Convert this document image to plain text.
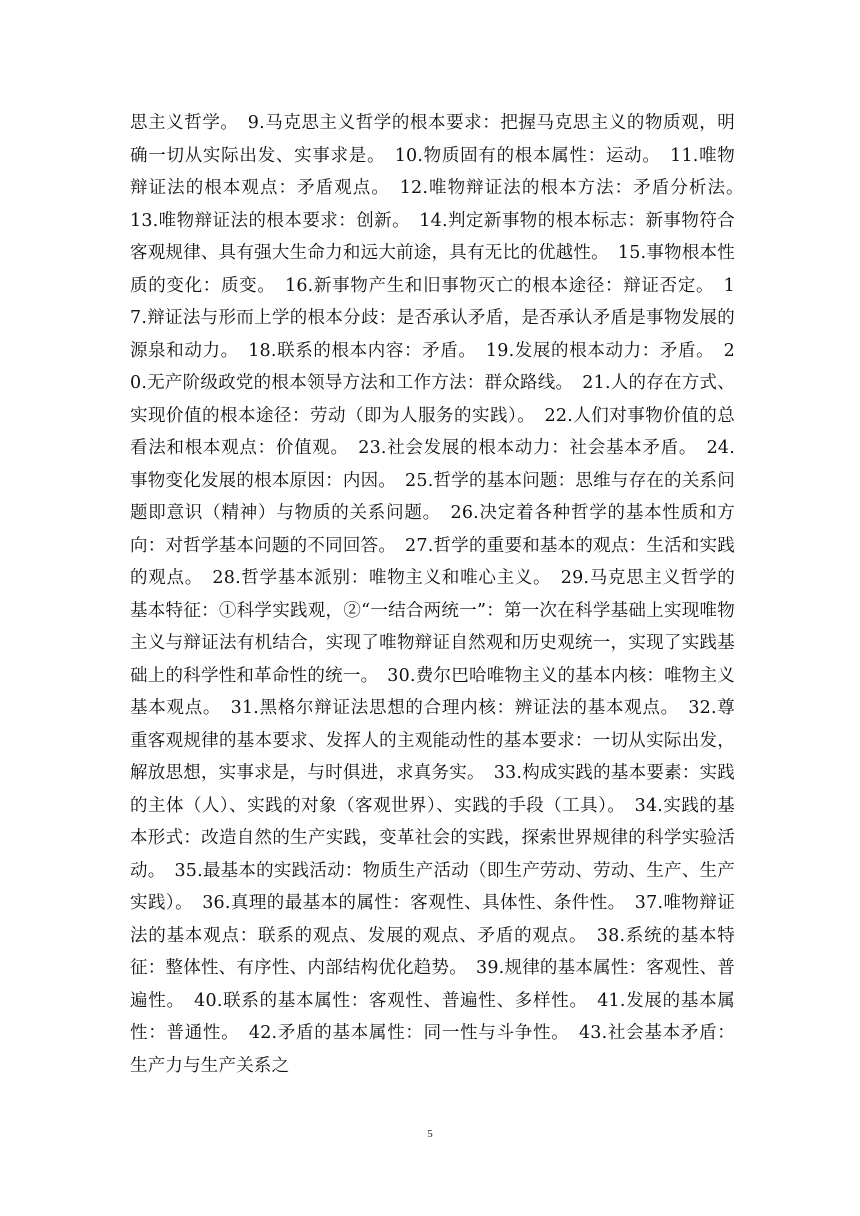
思主义哲学。　9.马克思主义哲学的根本要求：把握马克思主义的物质观，明确一切从实际出发、实事求是。　10.物质固有的根本属性：运动。　11.唯物辩证法的根本观点：矛盾观点。　12.唯物辩证法的根本方法：矛盾分析法。　13.唯物辩证法的根本要求：创新。　14.判定新事物的根本标志：新事物符合客观规律、具有强大生命力和远大前途，具有无比的优越性。　15.事物根本性质的变化：质变。　16.新事物产生和旧事物灭亡的根本途径：辩证否定。　17.辩证法与形而上学的根本分歧：是否承认矛盾，是否承认矛盾是事物发展的源泉和动力。　18.联系的根本内容：矛盾。　19.发展的根本动力：矛盾。　20.无产阶级政党的根本领导方法和工作方法：群众路线。　21.人的存在方式、实现价值的根本途径：劳动（即为人服务的实践）。　22.人们对事物价值的总看法和根本观点：价值观。　23.社会发展的根本动力：社会基本矛盾。　24.事物变化发展的根本原因：内因。　25.哲学的基本问题：思维与存在的关系问题即意识（精神）与物质的关系问题。　26.决定着各种哲学的基本性质和方向：对哲学基本问题的不同回答。　27.哲学的重要和基本的观点：生活和实践的观点。　28.哲学基本派别：唯物主义和唯心主义。　29.马克思主义哲学的基本特征：①科学实践观，②“一结合两统一”：第一次在科学基础上实现唯物主义与辩证法有机结合，实现了唯物辩证自然观和历史观统一，实现了实践基础上的科学性和革命性的统一。　30.费尔巴哈唯物主义的基本内核：唯物主义基本观点。　31.黑格尔辩证法思想的合理内核：辨证法的基本观点。　32.尊重客观规律的基本要求、发挥人的主观能动性的基本要求：一切从实际出发，解放思想，实事求是，与时俱进，求真务实。　33.构成实践的基本要素：实践的主体（人）、实践的对象（客观世界）、实践的手段（工具）。　34.实践的基本形式：改造自然的生产实践，变革社会的实践，探索世界规律的科学实验活动。　35.最基本的实践活动：物质生产活动（即生产劳动、劳动、生产、生产实践）。　36.真理的最基本的属性：客观性、具体性、条件性。　37.唯物辩证法的基本观点：联系的观点、发展的观点、矛盾的观点。　38.系统的基本特征：整体性、有序性、内部结构优化趋势。　39.规律的基本属性：客观性、普遍性。　40.联系的基本属性：客观性、普遍性、多样性。　41.发展的基本属性：普通性。　42.矛盾的基本属性：同一性与斗争性。　43.社会基本矛盾：生产力与生产关系之
5
